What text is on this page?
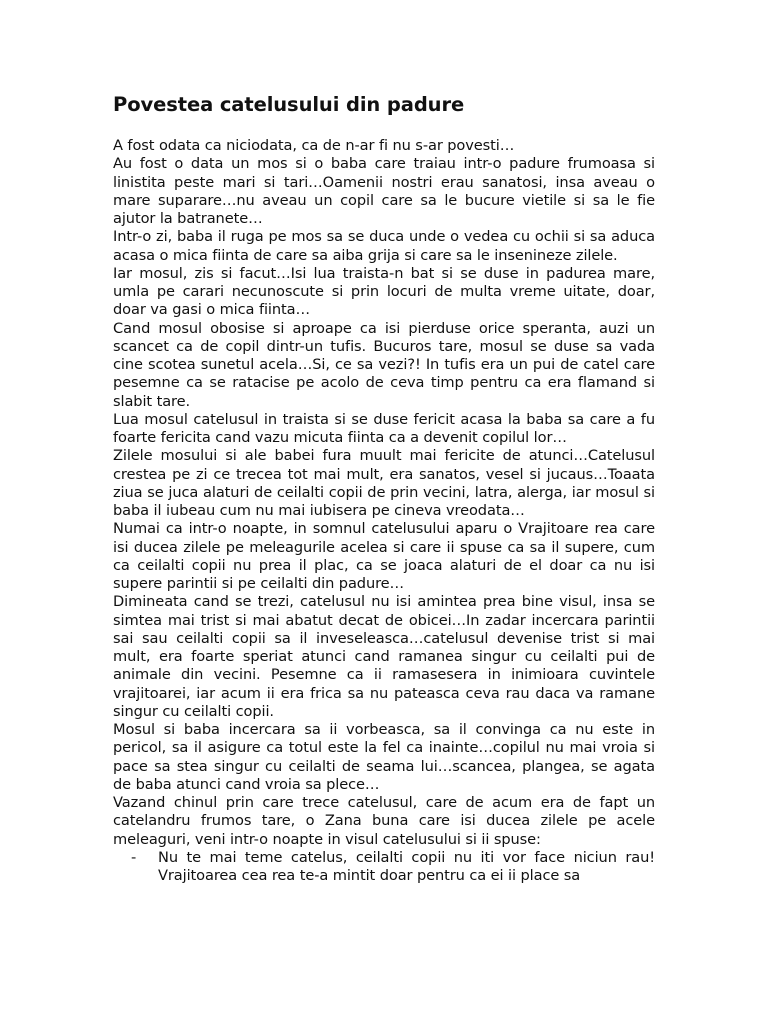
Povestea catelusului din padure

A fost odata ca niciodata, ca de n-ar fi nu s-ar povesti…

Au fost o data un mos si o baba care traiau intr-o padure frumoasa si linistita peste mari si tari…Oamenii nostri erau sanatosi, insa aveau o mare suparare…nu aveau un copil care sa le bucure vietile si sa le fie ajutor la batranete…

Intr-o zi, baba il ruga pe mos sa se duca unde o vedea cu ochii si sa aduca acasa o mica fiinta de care sa aiba grija si care sa le insenineze zilele.

Iar mosul, zis si facut…Isi lua traista-n bat si se duse in padurea mare, umla pe carari necunoscute si prin locuri de multa vreme uitate, doar, doar va gasi o mica fiinta…

Cand mosul obosise si aproape ca isi pierduse orice speranta, auzi un scancet ca de copil dintr-un tufis. Bucuros tare, mosul se duse sa vada cine scotea sunetul acela…Si, ce sa vezi?! In tufis era un pui de catel care pesemne ca se ratacise pe acolo de ceva timp pentru ca era flamand si slabit tare.

Lua mosul catelusul in traista si se duse fericit acasa la baba sa care a fu foarte fericita cand vazu micuta fiinta ca a devenit copilul lor…

Zilele mosului si ale babei fura muult mai fericite de atunci…Catelusul crestea pe zi ce trecea tot mai mult, era sanatos, vesel si jucaus…Toaata ziua se juca alaturi de ceilalti copii de prin vecini, latra, alerga, iar mosul si baba il iubeau cum nu mai iubisera pe cineva vreodata…

Numai ca intr-o noapte, in somnul catelusului aparu o Vrajitoare rea care isi ducea zilele pe meleagurile acelea si care ii spuse ca sa il supere, cum ca ceilalti copii nu prea il plac, ca se joaca alaturi de el doar ca nu isi supere parintii si pe ceilalti din padure…

Dimineata cand se trezi, catelusul nu isi amintea prea bine visul, insa se simtea mai trist si mai abatut decat de obicei…In zadar incercara parintii sai sau ceilalti copii sa il inveseleasca…catelusul devenise trist si mai mult, era foarte speriat atunci cand ramanea singur cu ceilalti pui de animale din vecini. Pesemne ca ii ramasesera in inimioara cuvintele vrajitoarei, iar acum ii era frica sa nu pateasca ceva rau daca va ramane singur cu ceilalti copii.

Mosul si baba incercara sa ii vorbeasca, sa il convinga ca nu este in pericol, sa il asigure ca totul este la fel ca inainte…copilul nu mai vroia si pace sa stea singur cu ceilalti de seama lui…scancea, plangea, se agata de baba atunci cand vroia sa plece…

Vazand chinul prin care trece catelusul, care de acum era de fapt un catelandru frumos tare, o Zana buna care isi ducea zilele pe acele meleaguri, veni intr-o noapte in visul catelusului si ii spuse:

- Nu te mai teme catelus, ceilalti copii nu iti vor face niciun rau! Vrajitoarea cea rea te-a mintit doar pentru ca ei ii place sa
